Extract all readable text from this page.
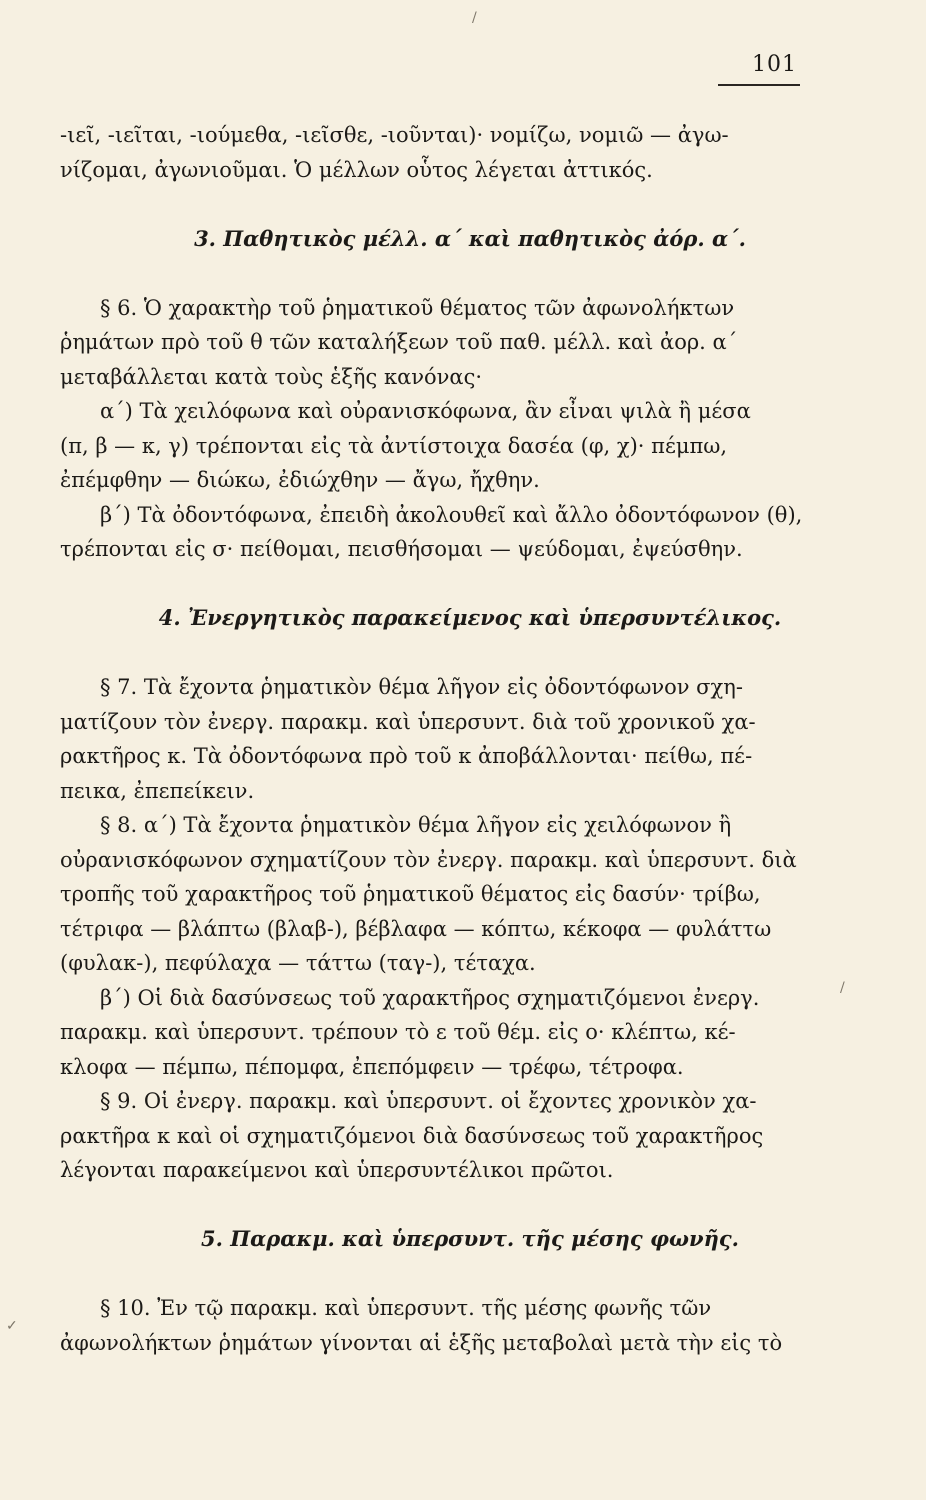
101
-ιεῖ, -ιεῖται, -ιούμεθα, -ιεῖσθε, -ιοῦνται)· νομίζω, νομιῶ — ἀγω-
νίζομαι, ἀγωνιοῦμαι. Ὁ μέλλων οὗτος λέγεται ἀττικός.
3. Παθητικὸς μέλλ. α΄ καὶ παθητικὸς ἀόρ. α΄.
§ 6. Ὁ χαρακτὴρ τοῦ ῥηματικοῦ θέματος τῶν ἀφωνολήκτων
ῥημάτων πρὸ τοῦ θ τῶν καταλήξεων τοῦ παθ. μέλλ. καὶ ἀορ. α΄
μεταβάλλεται κατὰ τοὺς ἑξῆς κανόνας·
α΄) Τὰ χειλόφωνα καὶ οὐρανισκόφωνα, ἂν εἶναι ψιλὰ ἢ μέσα
(π, β — κ, γ) τρέπονται εἰς τὰ ἀντίστοιχα δασέα (φ, χ)· πέμπω,
ἐπέμφθην — διώκω, ἐδιώχθην — ἄγω, ἤχθην.
β΄) Τὰ ὀδοντόφωνα, ἐπειδὴ ἀκολουθεῖ καὶ ἄλλο ὀδοντόφωνον (θ),
τρέπονται εἰς σ· πείθομαι, πεισθήσομαι — ψεύδομαι, ἐψεύσθην.
4. Ἐνεργητικὸς παρακείμενος καὶ ὑπερσυντέλικος.
§ 7. Τὰ ἔχοντα ῥηματικὸν θέμα λῆγον εἰς ὀδοντόφωνον σχη-
ματίζουν τὸν ἐνεργ. παρακμ. καὶ ὑπερσυντ. διὰ τοῦ χρονικοῦ χα-
ρακτῆρος κ. Τὰ ὀδοντόφωνα πρὸ τοῦ κ ἀποβάλλονται· πείθω, πέ-
πεικα, ἐπεπείκειν.
§ 8. α΄) Τὰ ἔχοντα ῥηματικὸν θέμα λῆγον εἰς χειλόφωνον ἢ
οὐρανισκόφωνον σχηματίζουν τὸν ἐνεργ. παρακμ. καὶ ὑπερσυντ. διὰ
τροπῆς τοῦ χαρακτῆρος τοῦ ῥηματικοῦ θέματος εἰς δασύν· τρίβω,
τέτριφα — βλάπτω (βλαβ-), βέβλαφα — κόπτω, κέκοφα — φυλάττω
(φυλακ-), πεφύλαχα — τάττω (ταγ-), τέταχα.
β΄) Οἱ διὰ δασύνσεως τοῦ χαρακτῆρος σχηματιζόμενοι ἐνεργ.
παρακμ. καὶ ὑπερσυντ. τρέπουν τὸ ε τοῦ θέμ. εἰς ο· κλέπτω, κέ-
κλοφα — πέμπω, πέπομφα, ἐπεπόμφειν — τρέφω, τέτροφα.
§ 9. Οἱ ἐνεργ. παρακμ. καὶ ὑπερσυντ. οἱ ἔχοντες χρονικὸν χα-
ρακτῆρα κ καὶ οἱ σχηματιζόμενοι διὰ δασύνσεως τοῦ χαρακτῆρος
λέγονται παρακείμενοι καὶ ὑπερσυντέλικοι πρῶτοι.
5. Παρακμ. καὶ ὑπερσυντ. τῆς μέσης φωνῆς.
§ 10. Ἐν τῷ παρακμ. καὶ ὑπερσυντ. τῆς μέσης φωνῆς τῶν
ἀφωνολήκτων ῥημάτων γίνονται αἱ ἑξῆς μεταβολαὶ μετὰ τὴν εἰς τὸ
/
/
✓
